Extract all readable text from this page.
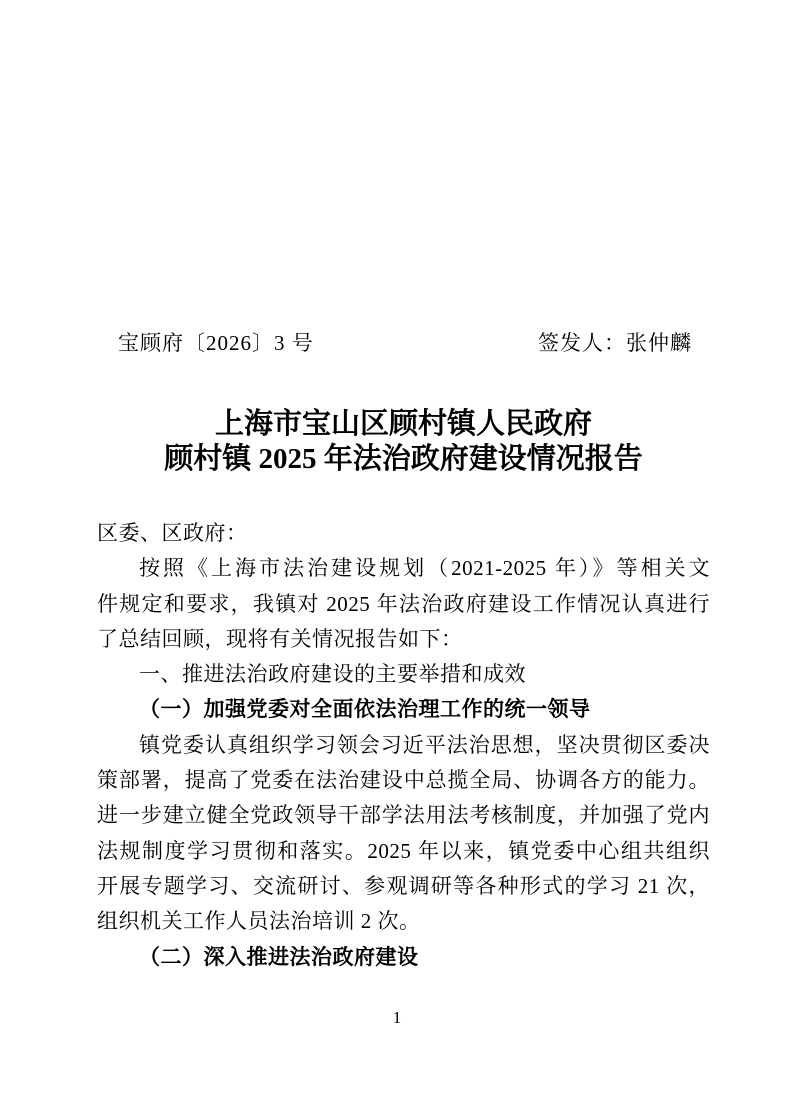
宝顾府〔2026〕3 号	签发人：张仲麟
上海市宝山区顾村镇人民政府
顾村镇 2025 年法治政府建设情况报告
区委、区政府：
按照《上海市法治建设规划（2021-2025 年）》等相关文
件规定和要求，我镇对 2025 年法治政府建设工作情况认真进行
了总结回顾，现将有关情况报告如下：
一、推进法治政府建设的主要举措和成效
（一）加强党委对全面依法治理工作的统一领导
镇党委认真组织学习领会习近平法治思想，坚决贯彻区委决
策部署，提高了党委在法治建设中总揽全局、协调各方的能力。
进一步建立健全党政领导干部学法用法考核制度，并加强了党内
法规制度学习贯彻和落实。2025 年以来，镇党委中心组共组织
开展专题学习、交流研讨、参观调研等各种形式的学习 21 次，
组织机关工作人员法治培训 2 次。
（二）深入推进法治政府建设
1
